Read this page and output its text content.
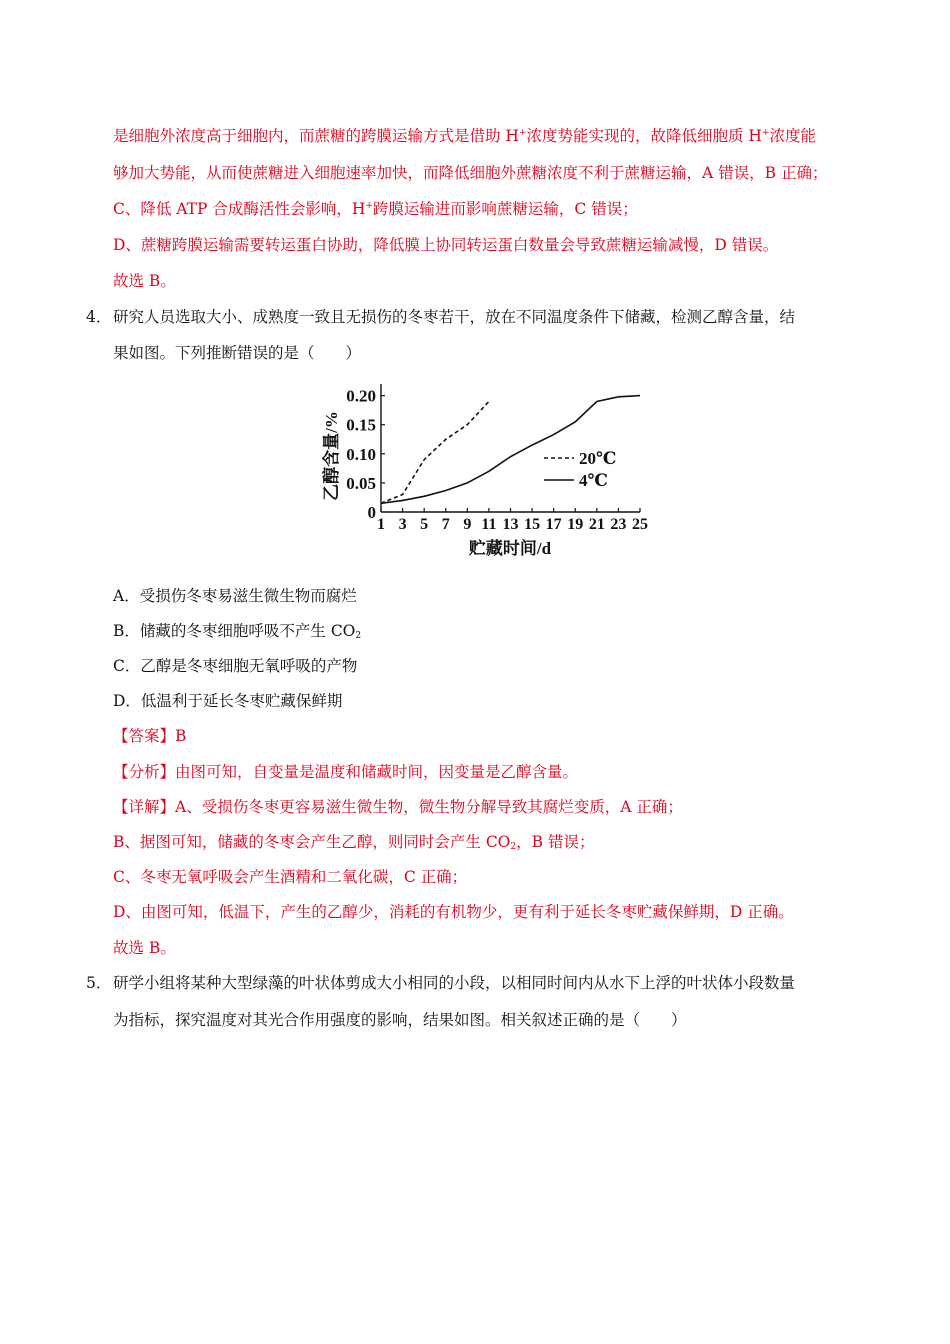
是细胞外浓度高于细胞内，而蔗糖的跨膜运输方式是借助 H+浓度势能实现的，故降低细胞质 H+浓度能
够加大势能，从而使蔗糖进入细胞速率加快，而降低细胞外蔗糖浓度不利于蔗糖运输，A 错误，B 正确；
C、降低 ATP 合成酶活性会影响，H+跨膜运输进而影响蔗糖运输，C 错误；
D、蔗糖跨膜运输需要转运蛋白协助，降低膜上协同转运蛋白数量会导致蔗糖运输减慢，D 错误。
故选 B。
4． 研究人员选取大小、成熟度一致且无损伤的冬枣若干，放在不同温度条件下储藏，检测乙醇含量，结
果如图。下列推断错误的是（　　）
0
0.05
0.10
0.15
0.20
1 3 5 7 9 11 13 15 17 19 21 23 25
乙醇含量/%
贮藏时间/d
20℃
4℃
A．受损伤冬枣易滋生微生物而腐烂
B．储藏的冬枣细胞呼吸不产生 $CO_2$
C．乙醇是冬枣细胞无氧呼吸的产物
D．低温利于延长冬枣贮藏保鲜期
【答案】B
【分析】由图可知，自变量是温度和储藏时间，因变量是乙醇含量。
【详解】A、受损伤冬枣更容易滋生微生物，微生物分解导致其腐烂变质，A 正确；
B、据图可知，储藏的冬枣会产生乙醇，则同时会产生 $CO_2$，B 错误；
C、冬枣无氧呼吸会产生酒精和二氧化碳，C 正确；
D、由图可知，低温下，产生的乙醇少，消耗的有机物少，更有利于延长冬枣贮藏保鲜期，D 正确。
故选 B。
5． 研学小组将某种大型绿藻的叶状体剪成大小相同的小段，以相同时间内从水下上浮的叶状体小段数量
为指标，探究温度对其光合作用强度的影响，结果如图。相关叙述正确的是（　　）
